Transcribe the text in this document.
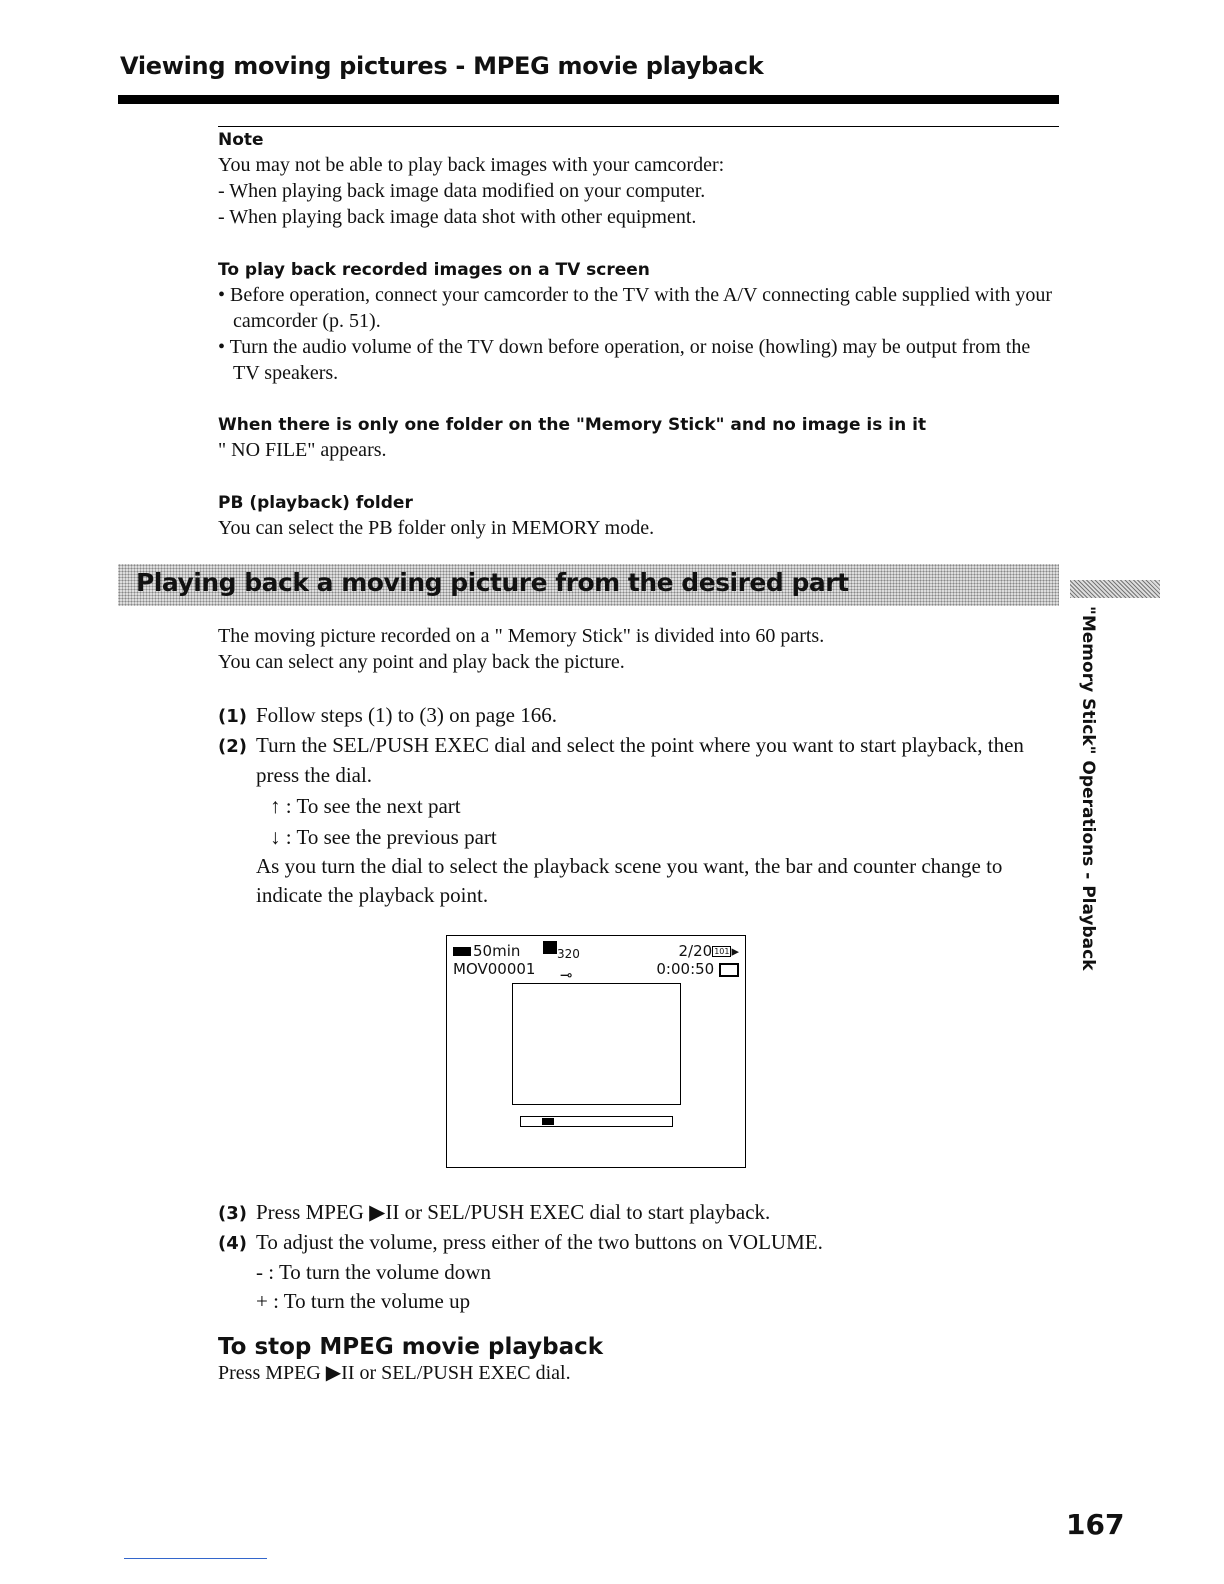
Viewing moving pictures - MPEG movie playback
Note

You may not be able to play back images with your camcorder:

- When playing back image data modified on your computer.

- When playing back image data shot with other equipment.

To play back recorded images on a TV screen

• Before operation, connect your camcorder to the TV with the A/V connecting cable supplied with your camcorder (p. 51).

• Turn the audio volume of the TV down before operation, or noise (howling) may be output from the TV speakers.

When there is only one folder on the "Memory Stick" and no image is in it

" NO FILE" appears.

PB (playback) folder

You can select the PB folder only in MEMORY mode.

Playing back a moving picture from the desired part
"Memory Stick" Operations - Playback

The moving picture recorded on a " Memory Stick" is divided into 60 parts.

You can select any point and play back the picture.

(1) Follow steps (1) to (3) on page 166.

(2) Turn the SEL/PUSH EXEC dial and select the point where you want to start playback, then press the dial.

↑ : To see the next part

↓ : To see the previous part

As you turn the dial to select the playback scene you want, the bar and counter change to indicate the playback point.

50min	$_{320}$	2/20 101 ▸
MOV00001 ⊸	0:00:50

(3) Press MPEG ▶II or SEL/PUSH EXEC dial to start playback.

(4) To adjust the volume, press either of the two buttons on VOLUME.

- : To turn the volume down

+ : To turn the volume up

To stop MPEG movie playback

Press MPEG ▶II or SEL/PUSH EXEC dial.

167
